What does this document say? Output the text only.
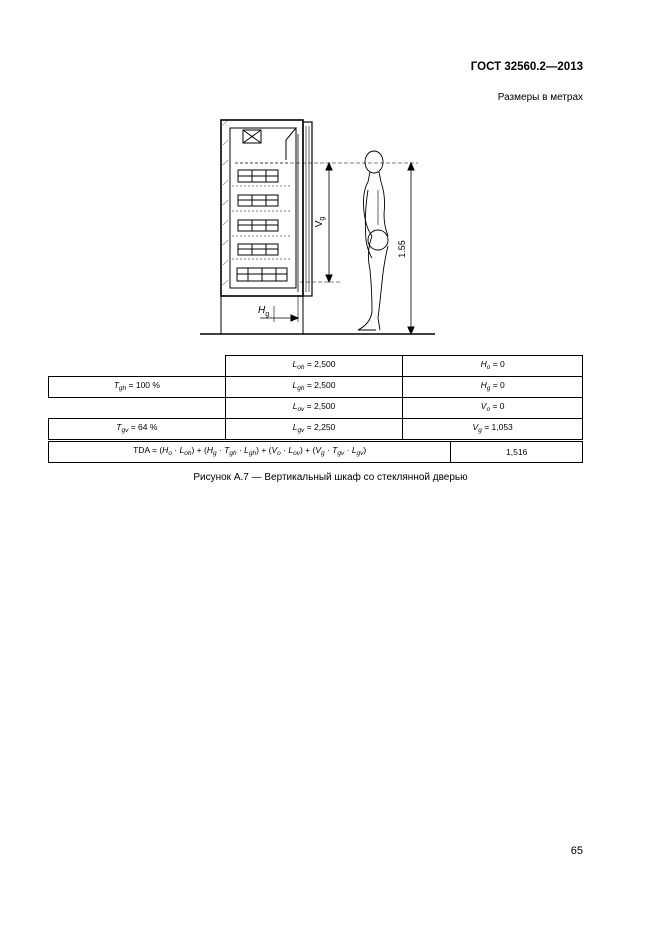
ГОСТ 32560.2—2013
Размеры в метрах
$V_g$
$H_g$
1.55
	$L_{oh} = 2,500$	$H_o = 0$
$T_{gh} = 100$ %	$L_{gh} = 2,500$	$H_g = 0$
	$L_{ov} = 2,500$	$V_o = 0$
$T_{gv} = 64$ %	$L_{gv} = 2,250$	$V_g = 1,053$
TDA = $(H_o \cdot L_{oh}) + (H_g \cdot T_{gh} \cdot L_{gh}) + (V_o \cdot L_{ov}) + (V_g \cdot T_{gv} \cdot L_{gv})$	1,516
Рисунок А.7 — Вертикальный шкаф со стеклянной дверью
65
